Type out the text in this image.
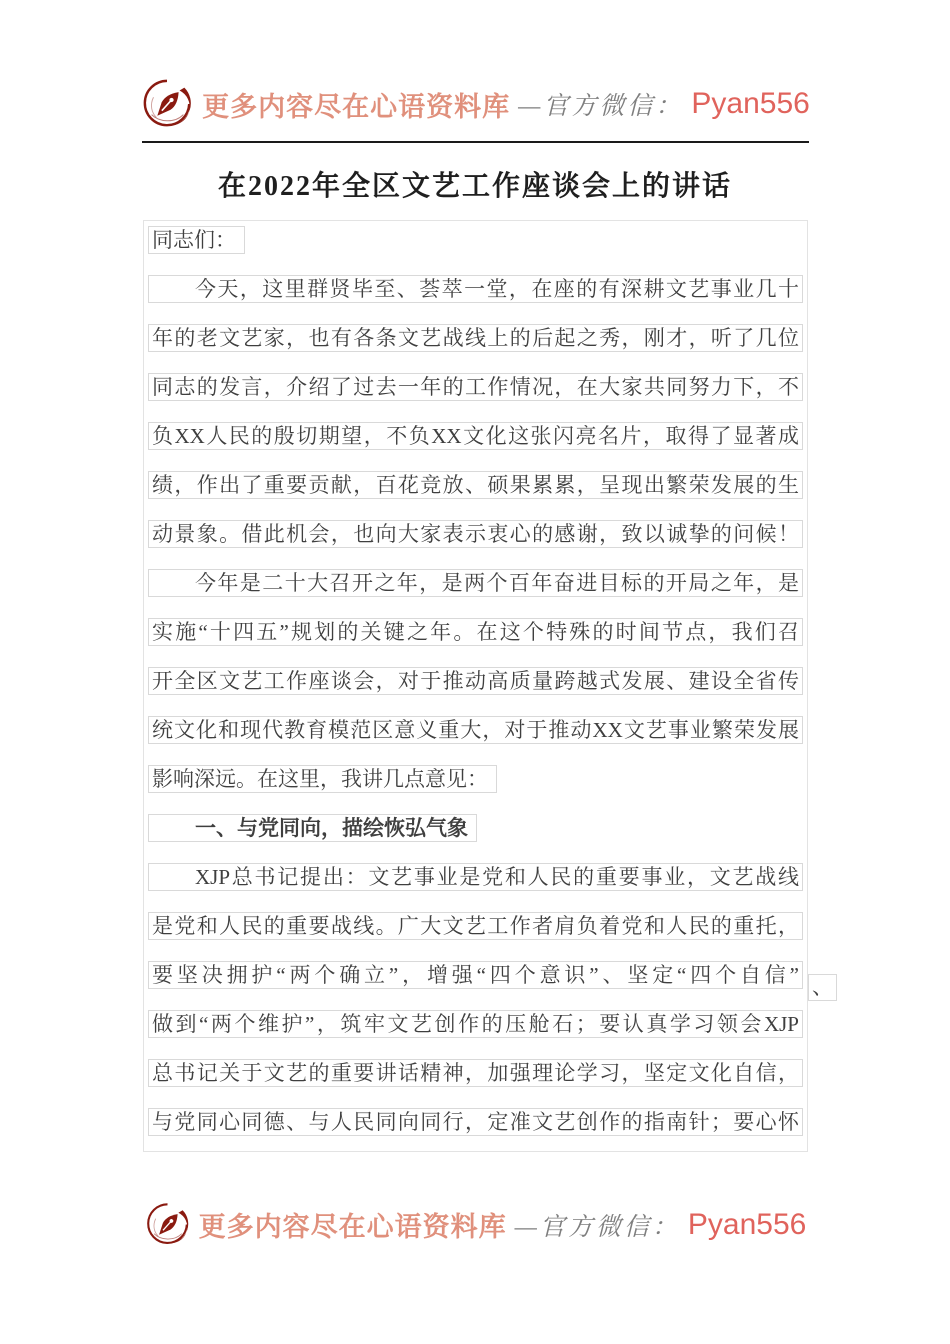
更多内容尽在心语资料库 —官方微信： Pyan556
在2022年全区文艺工作座谈会上的讲话
、
同志们：
今天，这里群贤毕至、荟萃一堂，在座的有深耕文艺事业几十
年的老文艺家，也有各条文艺战线上的后起之秀，刚才，听了几位
同志的发言，介绍了过去一年的工作情况，在大家共同努力下，不
负XX人民的殷切期望，不负XX文化这张闪亮名片，取得了显著成
绩，作出了重要贡献，百花竞放、硕果累累，呈现出繁荣发展的生
动景象。借此机会，也向大家表示衷心的感谢，致以诚挚的问候！
今年是二十大召开之年，是两个百年奋进目标的开局之年，是
实施“十四五”规划的关键之年。在这个特殊的时间节点，我们召
开全区文艺工作座谈会，对于推动高质量跨越式发展、建设全省传
统文化和现代教育模范区意义重大，对于推动XX文艺事业繁荣发展
影响深远。在这里，我讲几点意见：
一、与党同向，描绘恢弘气象
XJP总书记提出：文艺事业是党和人民的重要事业，文艺战线
是党和人民的重要战线。广大文艺工作者肩负着党和人民的重托，
要坚决拥护“两个确立”，增强“四个意识”、坚定“四个自信”
做到“两个维护”，筑牢文艺创作的压舱石；要认真学习领会XJP
总书记关于文艺的重要讲话精神，加强理论学习，坚定文化自信，
与党同心同德、与人民同向同行，定准文艺创作的指南针；要心怀
更多内容尽在心语资料库 —官方微信： Pyan556
